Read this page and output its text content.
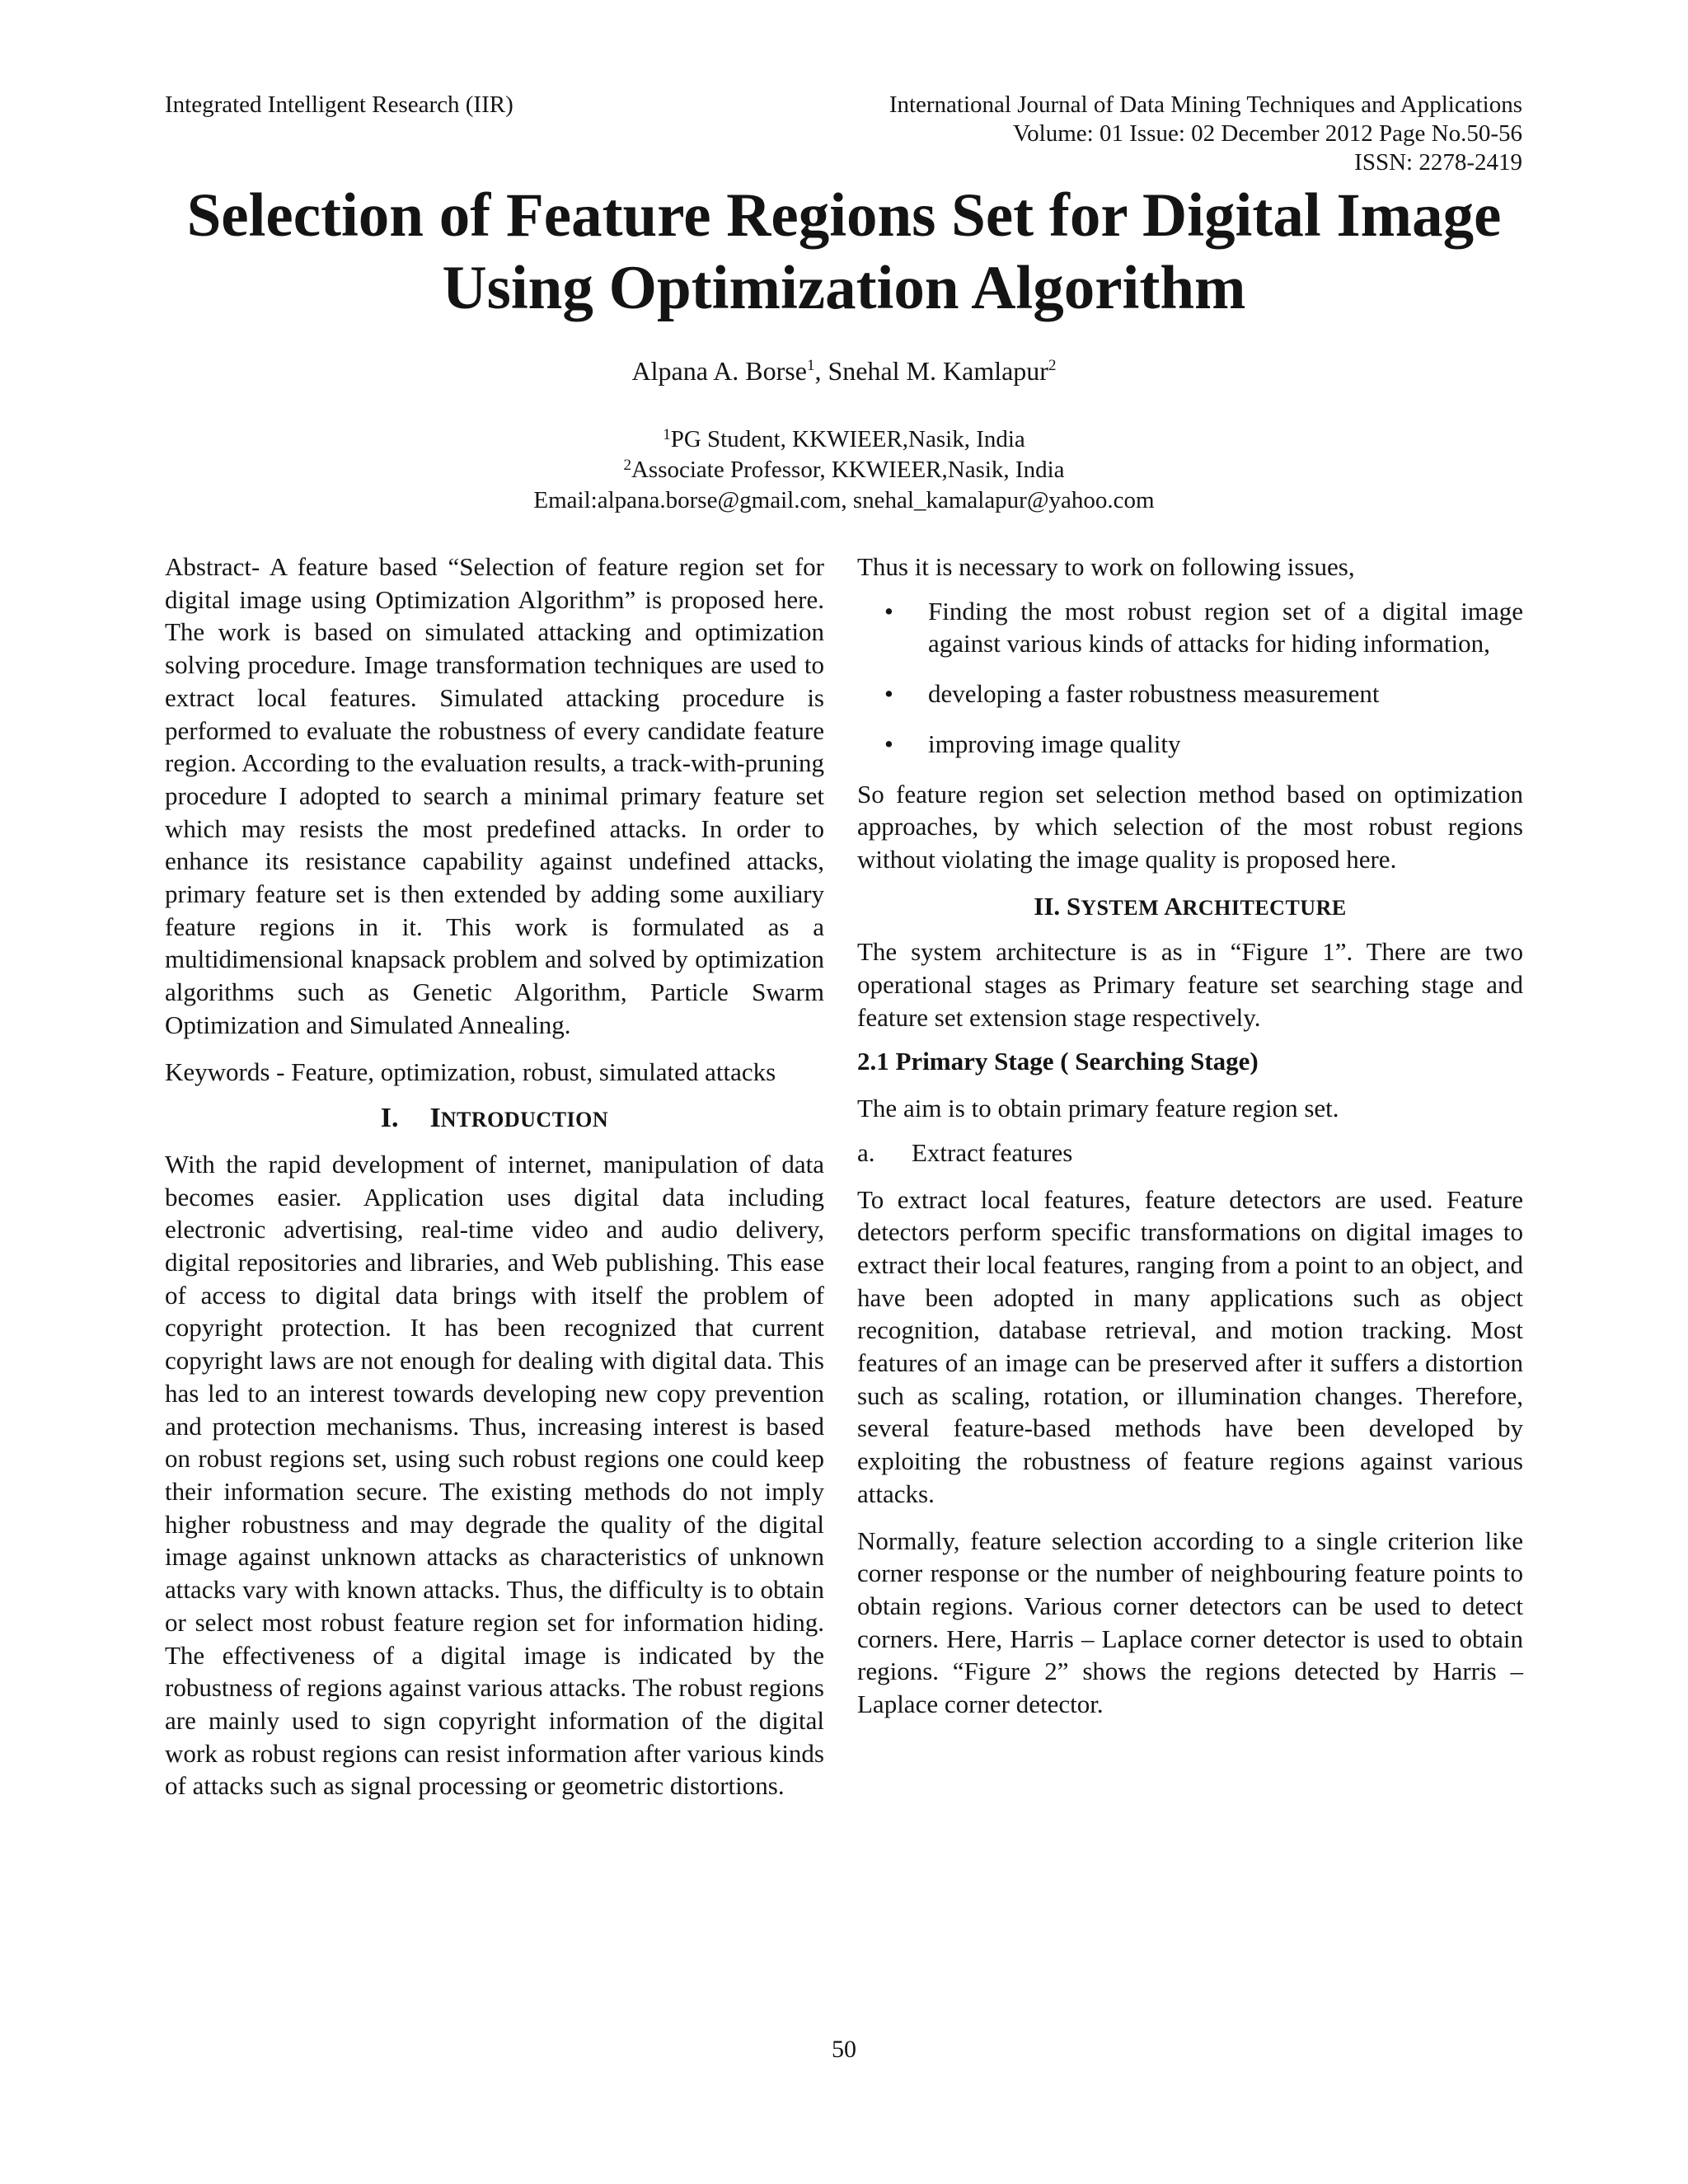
Integrated Intelligent Research (IIR)	International Journal of Data Mining Techniques and Applications
Volume: 01 Issue: 02 December 2012 Page No.50-56
ISSN: 2278-2419
Selection of Feature Regions Set for Digital Image
Using Optimization Algorithm
Alpana A. Borse$^1$, Snehal M. Kamlapur$^2$
$^1$PG Student, KKWIEER,Nasik, India
$^2$Associate Professor, KKWIEER,Nasik, India
Email:alpana.borse@gmail.com, snehal_kamalapur@yahoo.com

Abstract- A feature based “Selection of feature region set for digital image using Optimization Algorithm” is proposed here. The work is based on simulated attacking and optimization solving procedure. Image transformation techniques are used to extract local features. Simulated attacking procedure is performed to evaluate the robustness of every candidate feature region. According to the evaluation results, a track-with-pruning procedure I adopted to search a minimal primary feature set which may resists the most predefined attacks. In order to enhance its resistance capability against undefined attacks, primary feature set is then extended by adding some auxiliary feature regions in it. This work is formulated as a multidimensional knapsack problem and solved by optimization algorithms such as Genetic Algorithm, Particle Swarm Optimization and Simulated Annealing.

Keywords - Feature, optimization, robust, simulated attacks

I. INTRODUCTION

With the rapid development of internet, manipulation of data becomes easier. Application uses digital data including electronic advertising, real-time video and audio delivery, digital repositories and libraries, and Web publishing. This ease of access to digital data brings with itself the problem of copyright protection. It has been recognized that current copyright laws are not enough for dealing with digital data. This has led to an interest towards developing new copy prevention and protection mechanisms. Thus, increasing interest is based on robust regions set, using such robust regions one could keep their information secure. The existing methods do not imply higher robustness and may degrade the quality of the digital image against unknown attacks as characteristics of unknown attacks vary with known attacks. Thus, the difficulty is to obtain or select most robust feature region set for information hiding. The effectiveness of a digital image is indicated by the robustness of regions against various attacks. The robust regions are mainly used to sign copyright information of the digital work as robust regions can resist information after various kinds of attacks such as signal processing or geometric distortions.

Thus it is necessary to work on following issues,

• Finding the most robust region set of a digital image against various kinds of attacks for hiding information,
• developing a faster robustness measurement
• improving image quality

So feature region set selection method based on optimization approaches, by which selection of the most robust regions without violating the image quality is proposed here.

II. SYSTEM ARCHITECTURE

The system architecture is as in “Figure 1”. There are two operational stages as Primary feature set searching stage and feature set extension stage respectively.

2.1 Primary Stage ( Searching Stage)

The aim is to obtain primary feature region set.

a. Extract features

To extract local features, feature detectors are used. Feature detectors perform specific transformations on digital images to extract their local features, ranging from a point to an object, and have been adopted in many applications such as object recognition, database retrieval, and motion tracking. Most features of an image can be preserved after it suffers a distortion such as scaling, rotation, or illumination changes. Therefore, several feature-based methods have been developed by exploiting the robustness of feature regions against various attacks.

Normally, feature selection according to a single criterion like corner response or the number of neighbouring feature points to obtain regions. Various corner detectors can be used to detect corners. Here, Harris – Laplace corner detector is used to obtain regions. “Figure 2” shows the regions detected by Harris – Laplace corner detector.

50
